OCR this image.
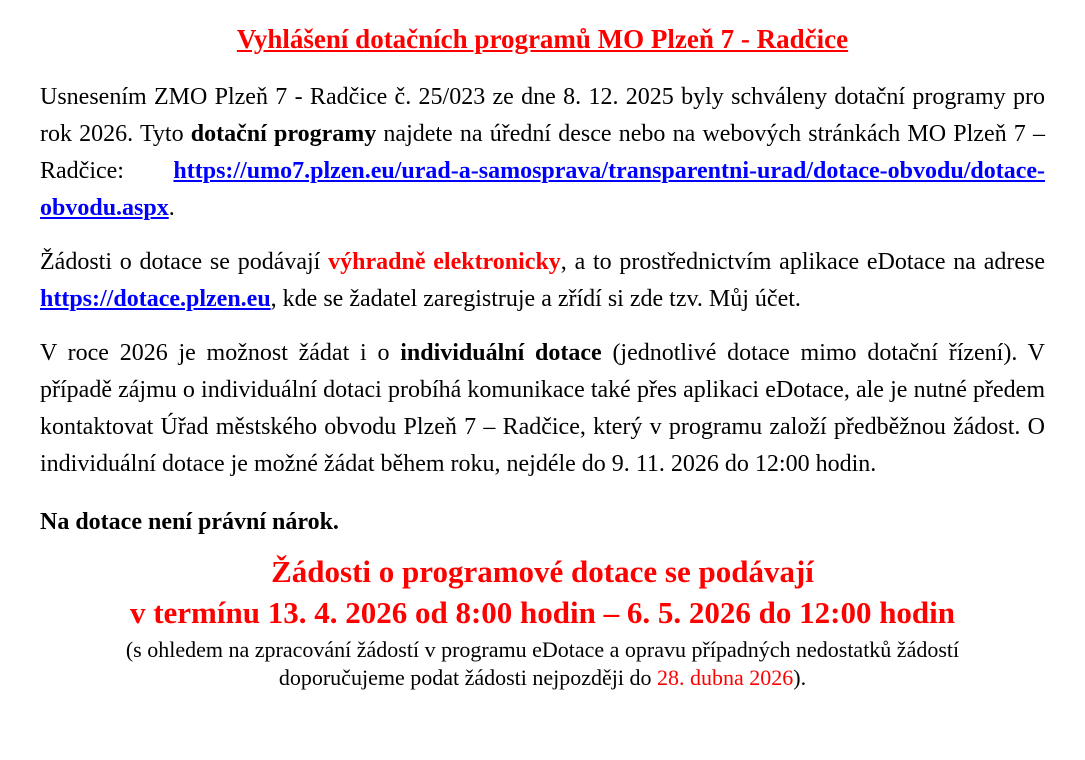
Vyhlášení dotačních programů MO Plzeň 7 - Radčice

Usnesením ZMO Plzeň 7 - Radčice č. 25/023 ze dne 8. 12. 2025 byly schváleny dotační programy pro rok 2026. Tyto dotační programy najdete na úřední desce nebo na webových stránkách MO Plzeň 7 – Radčice: https://umo7.plzen.eu/urad-a-samosprava/transparentni-urad/dotace-obvodu/dotace-obvodu.aspx.

Žádosti o dotace se podávají výhradně elektronicky, a to prostřednictvím aplikace eDotace na adrese https://dotace.plzen.eu, kde se žadatel zaregistruje a zřídí si zde tzv. Můj účet.

V roce 2026 je možnost žádat i o individuální dotace (jednotlivé dotace mimo dotační řízení). V případě zájmu o individuální dotaci probíhá komunikace také přes aplikaci eDotace, ale je nutné předem kontaktovat Úřad městského obvodu Plzeň 7 – Radčice, který v programu založí předběžnou žádost. O individuální dotace je možné žádat během roku, nejdéle do 9. 11. 2026 do 12:00 hodin.

Na dotace není právní nárok.

Žádosti o programové dotace se podávají
v termínu 13. 4. 2026 od 8:00 hodin – 6. 5. 2026 do 12:00 hodin
(s ohledem na zpracování žádostí v programu eDotace a opravu případných nedostatků žádostí
doporučujeme podat žádosti nejpozději do 28. dubna 2026).
